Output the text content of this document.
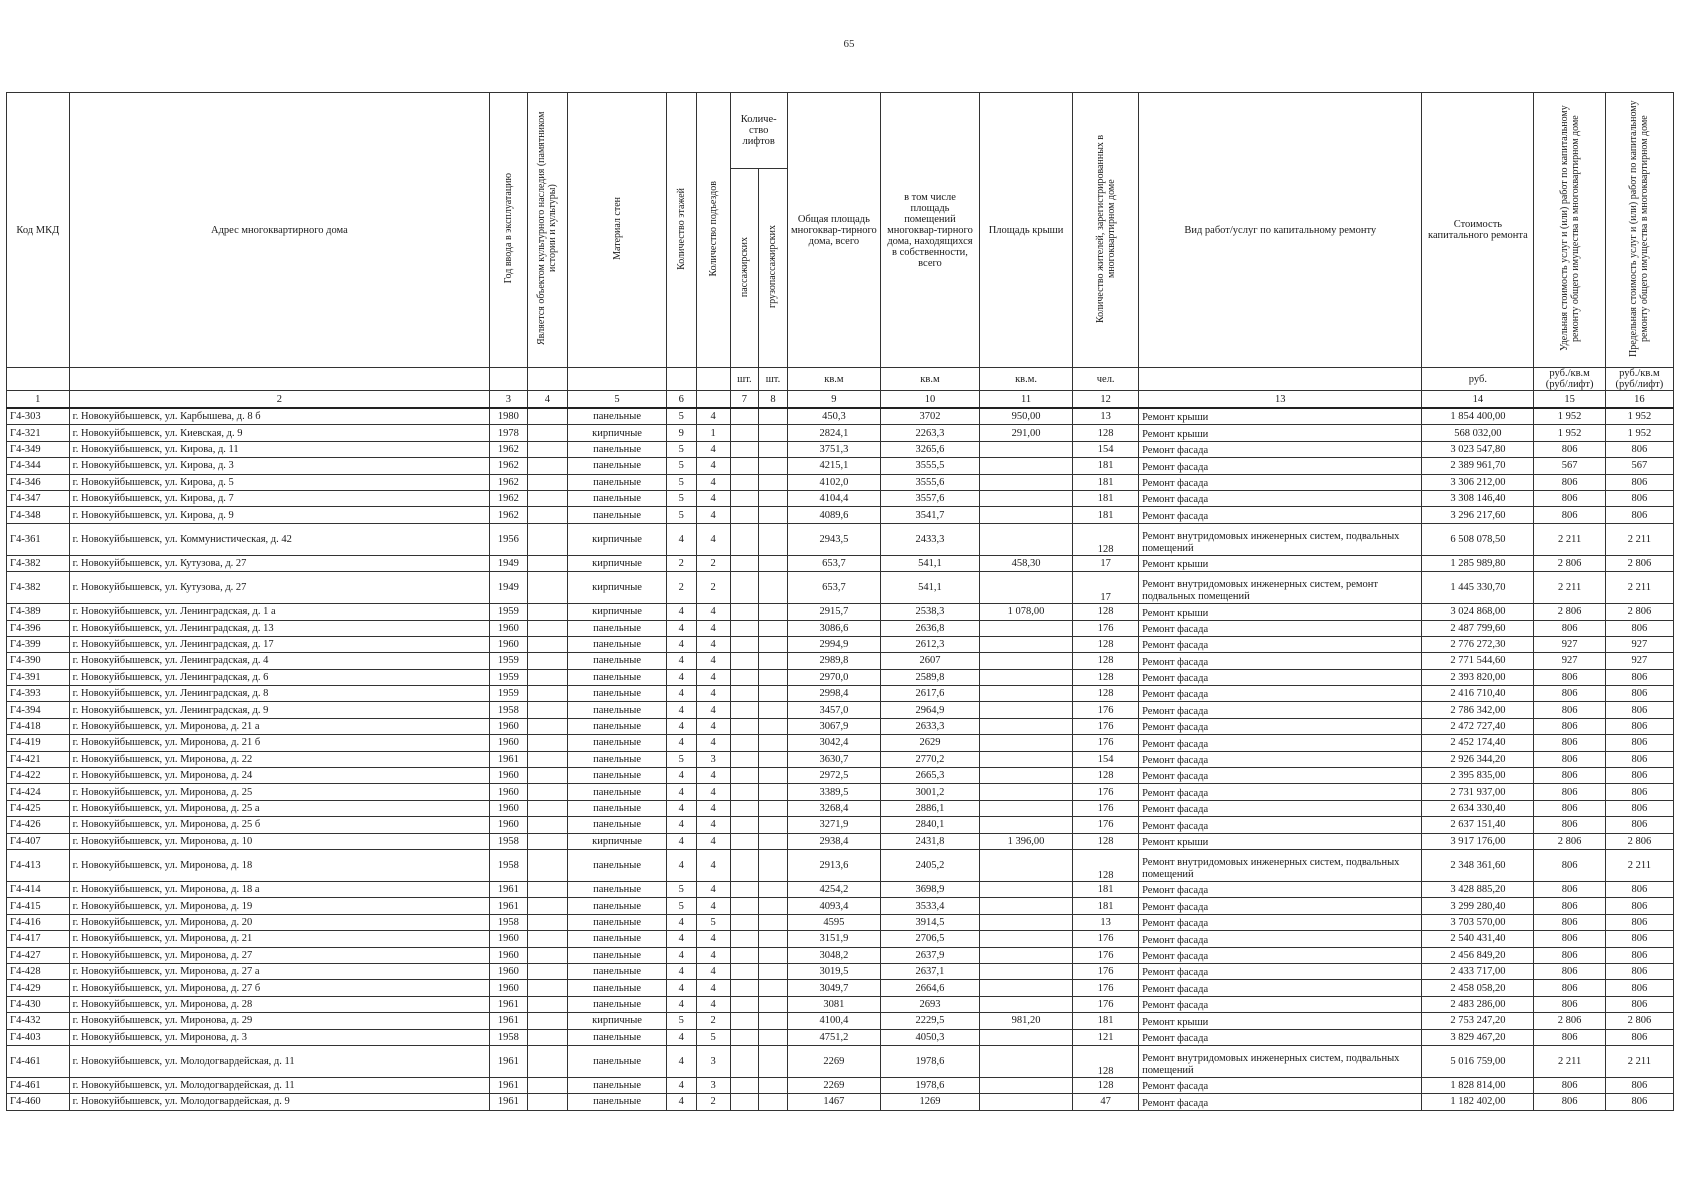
65
Код МКД	Адрес многоквартирного дома	Год ввода в эксплуатацию	Является объектом культурного наследия (памятником истории и культуры)	Материал стен	Количество этажей	Количество подъездов	Количе-ство лифтов		Общая площадь многоквар-тирного дома, всего	в том числе площадь помещений многоквар-тирного дома, находящихся в собственности, всего	Площадь крыши	Количество жителей, зарегистрированных в многоквартирном доме	Вид работ/услуг по капитальному ремонту	Стоимость капитального ремонта	Удельная стоимость услуг и (или) работ по капитальному ремонту общего имущества в многоквартирном доме	Предельная стоимость услуг и (или) работ по капитальному ремонту общего имущества в многоквартирном доме
							пассажирских	грузопассажирских								
							шт.	шт.	кв.м	кв.м	кв.м.	чел.		руб.	руб./кв.м (руб/лифт)	руб./кв.м (руб/лифт)
1	2	3	4	5	6		7	8	9	10	11	12	13	14	15	16
Г4-303	г. Новокуйбышевск, ул. Карбышева, д. 8 б	1980		панельные	5	4			450,3	3702	950,00	13	Ремонт крыши	1 854 400,00	1 952	1 952
Г4-321	г. Новокуйбышевск, ул. Киевская, д. 9	1978		кирпичные	9	1			2824,1	2263,3	291,00	128	Ремонт крыши	568 032,00	1 952	1 952
Г4-349	г. Новокуйбышевск, ул. Кирова, д. 11	1962		панельные	5	4			3751,3	3265,6		154	Ремонт фасада	3 023 547,80	806	806
Г4-344	г. Новокуйбышевск, ул. Кирова, д. 3	1962		панельные	5	4			4215,1	3555,5		181	Ремонт фасада	2 389 961,70	567	567
Г4-346	г. Новокуйбышевск, ул. Кирова, д. 5	1962		панельные	5	4			4102,0	3555,6		181	Ремонт фасада	3 306 212,00	806	806
Г4-347	г. Новокуйбышевск, ул. Кирова, д. 7	1962		панельные	5	4			4104,4	3557,6		181	Ремонт фасада	3 308 146,40	806	806
Г4-348	г. Новокуйбышевск, ул. Кирова, д. 9	1962		панельные	5	4			4089,6	3541,7		181	Ремонт фасада	3 296 217,60	806	806
Г4-361	г. Новокуйбышевск, ул. Коммунистическая, д. 42	1956		кирпичные	4	4			2943,5	2433,3		128	Ремонт внутридомовых инженерных систем, подвальных помещений	6 508 078,50	2 211	2 211
Г4-382	г. Новокуйбышевск, ул. Кутузова, д. 27	1949		кирпичные	2	2			653,7	541,1	458,30	17	Ремонт крыши	1 285 989,80	2 806	2 806
Г4-382	г. Новокуйбышевск, ул. Кутузова, д. 27	1949		кирпичные	2	2			653,7	541,1		17	Ремонт внутридомовых инженерных систем, ремонт подвальных помещений	1 445 330,70	2 211	2 211
Г4-389	г. Новокуйбышевск, ул. Ленинградская, д. 1 а	1959		кирпичные	4	4			2915,7	2538,3	1 078,00	128	Ремонт крыши	3 024 868,00	2 806	2 806
Г4-396	г. Новокуйбышевск, ул. Ленинградская, д. 13	1960		панельные	4	4			3086,6	2636,8		176	Ремонт фасада	2 487 799,60	806	806
Г4-399	г. Новокуйбышевск, ул. Ленинградская, д. 17	1960		панельные	4	4			2994,9	2612,3		128	Ремонт фасада	2 776 272,30	927	927
Г4-390	г. Новокуйбышевск, ул. Ленинградская, д. 4	1959		панельные	4	4			2989,8	2607		128	Ремонт фасада	2 771 544,60	927	927
Г4-391	г. Новокуйбышевск, ул. Ленинградская, д. 6	1959		панельные	4	4			2970,0	2589,8		128	Ремонт фасада	2 393 820,00	806	806
Г4-393	г. Новокуйбышевск, ул. Ленинградская, д. 8	1959		панельные	4	4			2998,4	2617,6		128	Ремонт фасада	2 416 710,40	806	806
Г4-394	г. Новокуйбышевск, ул. Ленинградская, д. 9	1958		панельные	4	4			3457,0	2964,9		176	Ремонт фасада	2 786 342,00	806	806
Г4-418	г. Новокуйбышевск, ул. Миронова, д. 21 а	1960		панельные	4	4			3067,9	2633,3		176	Ремонт фасада	2 472 727,40	806	806
Г4-419	г. Новокуйбышевск, ул. Миронова, д. 21 б	1960		панельные	4	4			3042,4	2629		176	Ремонт фасада	2 452 174,40	806	806
Г4-421	г. Новокуйбышевск, ул. Миронова, д. 22	1961		панельные	5	3			3630,7	2770,2		154	Ремонт фасада	2 926 344,20	806	806
Г4-422	г. Новокуйбышевск, ул. Миронова, д. 24	1960		панельные	4	4			2972,5	2665,3		128	Ремонт фасада	2 395 835,00	806	806
Г4-424	г. Новокуйбышевск, ул. Миронова, д. 25	1960		панельные	4	4			3389,5	3001,2		176	Ремонт фасада	2 731 937,00	806	806
Г4-425	г. Новокуйбышевск, ул. Миронова, д. 25 а	1960		панельные	4	4			3268,4	2886,1		176	Ремонт фасада	2 634 330,40	806	806
Г4-426	г. Новокуйбышевск, ул. Миронова, д. 25 б	1960		панельные	4	4			3271,9	2840,1		176	Ремонт фасада	2 637 151,40	806	806
Г4-407	г. Новокуйбышевск, ул. Миронова, д. 10	1958		кирпичные	4	4			2938,4	2431,8	1 396,00	128	Ремонт крыши	3 917 176,00	2 806	2 806
Г4-413	г. Новокуйбышевск, ул. Миронова, д. 18	1958		панельные	4	4			2913,6	2405,2		128	Ремонт внутридомовых инженерных систем, подвальных помещений	2 348 361,60	806	2 211
Г4-414	г. Новокуйбышевск, ул. Миронова, д. 18 а	1961		панельные	5	4			4254,2	3698,9		181	Ремонт фасада	3 428 885,20	806	806
Г4-415	г. Новокуйбышевск, ул. Миронова, д. 19	1961		панельные	5	4			4093,4	3533,4		181	Ремонт фасада	3 299 280,40	806	806
Г4-416	г. Новокуйбышевск, ул. Миронова, д. 20	1958		панельные	4	5			4595	3914,5		13	Ремонт фасада	3 703 570,00	806	806
Г4-417	г. Новокуйбышевск, ул. Миронова, д. 21	1960		панельные	4	4			3151,9	2706,5		176	Ремонт фасада	2 540 431,40	806	806
Г4-427	г. Новокуйбышевск, ул. Миронова, д. 27	1960		панельные	4	4			3048,2	2637,9		176	Ремонт фасада	2 456 849,20	806	806
Г4-428	г. Новокуйбышевск, ул. Миронова, д. 27 а	1960		панельные	4	4			3019,5	2637,1		176	Ремонт фасада	2 433 717,00	806	806
Г4-429	г. Новокуйбышевск, ул. Миронова, д. 27 б	1960		панельные	4	4			3049,7	2664,6		176	Ремонт фасада	2 458 058,20	806	806
Г4-430	г. Новокуйбышевск, ул. Миронова, д. 28	1961		панельные	4	4			3081	2693		176	Ремонт фасада	2 483 286,00	806	806
Г4-432	г. Новокуйбышевск, ул. Миронова, д. 29	1961		кирпичные	5	2			4100,4	2229,5	981,20	181	Ремонт крыши	2 753 247,20	2 806	2 806
Г4-403	г. Новокуйбышевск, ул. Миронова, д. 3	1958		панельные	4	5			4751,2	4050,3		121	Ремонт фасада	3 829 467,20	806	806
Г4-461	г. Новокуйбышевск, ул. Молодогвардейская, д. 11	1961		панельные	4	3			2269	1978,6		128	Ремонт внутридомовых инженерных систем, подвальных помещений	5 016 759,00	2 211	2 211
Г4-461	г. Новокуйбышевск, ул. Молодогвардейская, д. 11	1961		панельные	4	3			2269	1978,6		128	Ремонт фасада	1 828 814,00	806	806
Г4-460	г. Новокуйбышевск, ул. Молодогвардейская, д. 9	1961		панельные	4	2			1467	1269		47	Ремонт фасада	1 182 402,00	806	806
